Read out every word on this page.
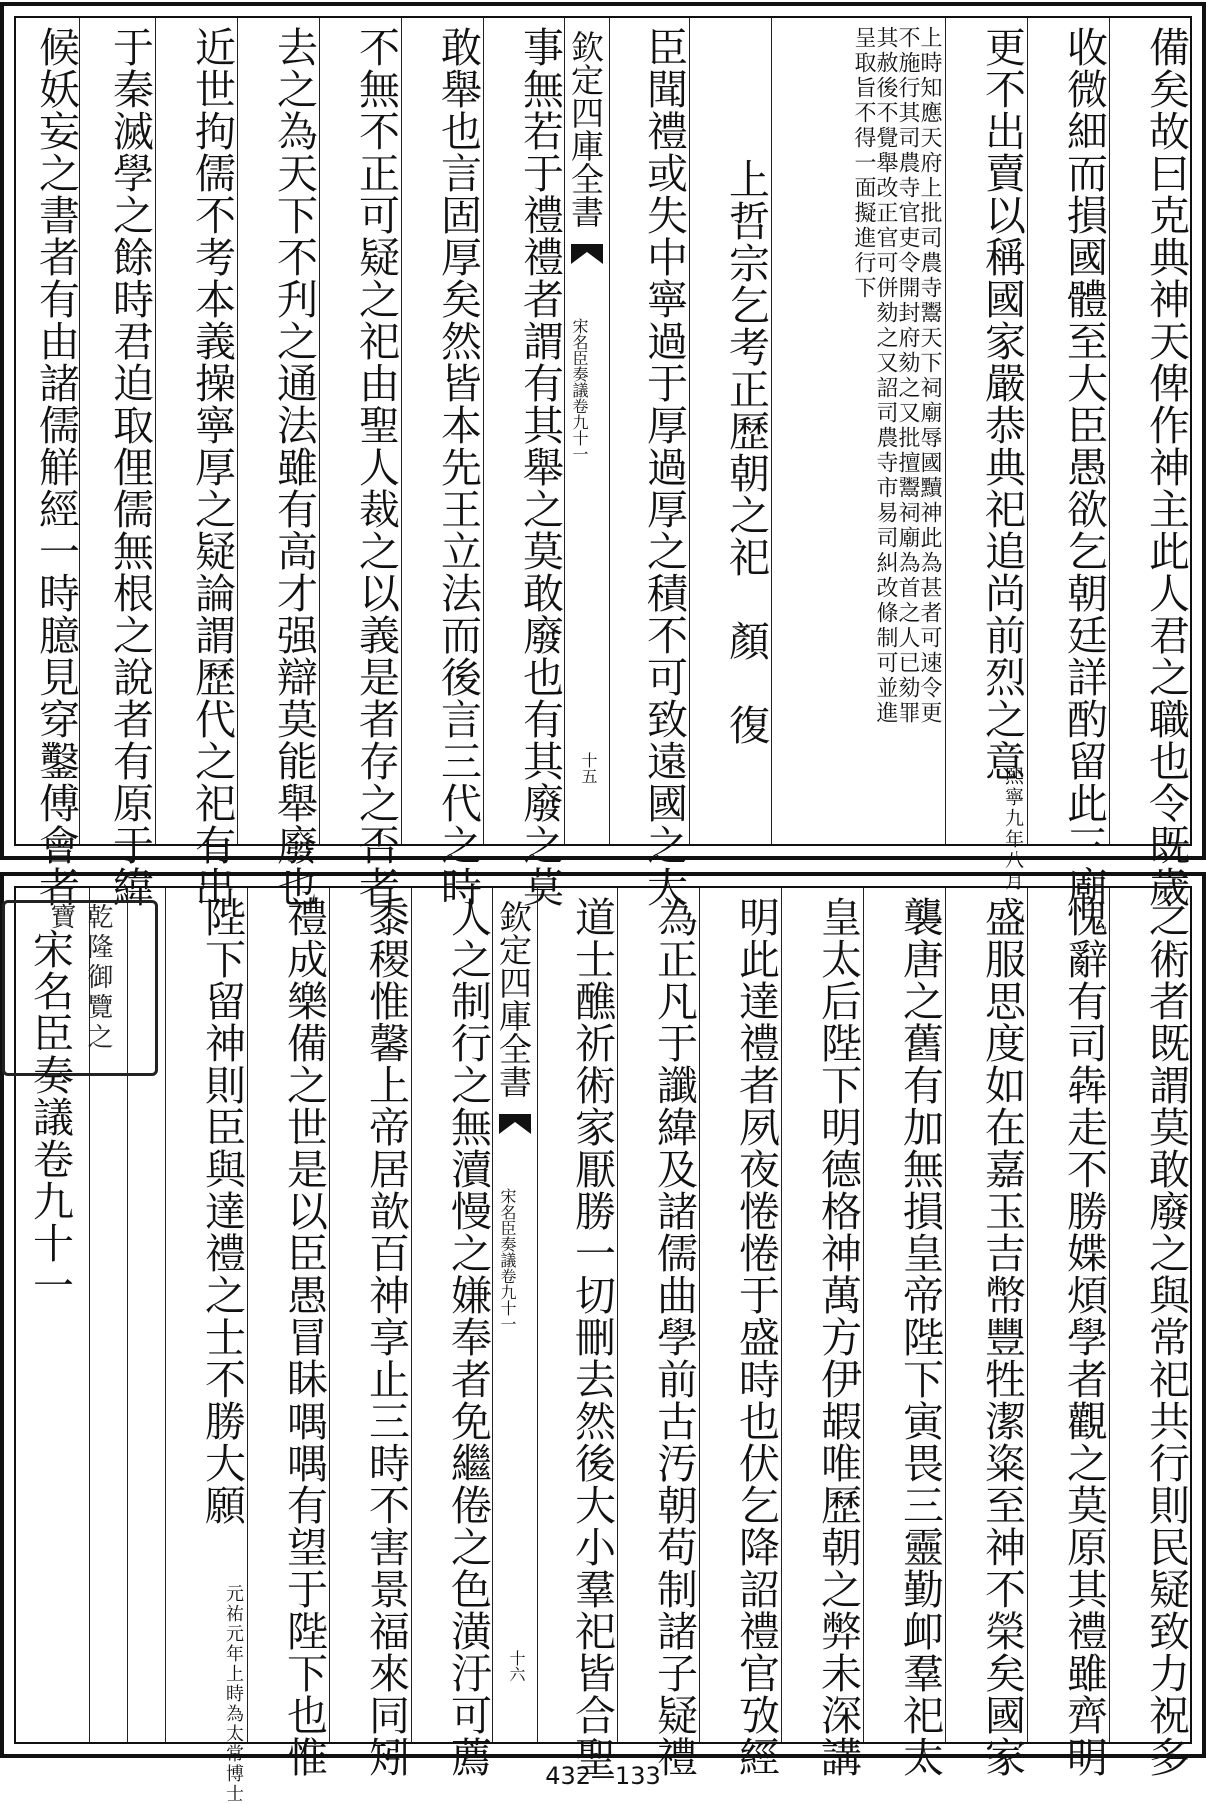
備矣故曰克典神天俾作神主此人君之職也令既歲
收微細而損國體至大臣愚欲乞朝廷詳酌留此三廟
更不出賣以稱國家嚴恭典祀追尚前烈之意
熙寧九年八月
上時知應天府上批司農寺鬻天下祠廟辱國黷神此為甚者可速令更不施行其司農寺官吏令開封府劾之又批擅鬻祠廟為首之人已劾罪其赦後不覺舉改正官可併劾之又詔司農寺市易司糾改條制可並進呈取旨不得一面擬進行下
上哲宗乞考正歷朝之祀　顏　復
臣聞禮或失中寧過于厚過厚之積不可致遠國之大
欽定四庫全書
宋名臣奏議卷九十一
十五
事無若于禮禮者謂有其舉之莫敢廢也有其廢之莫
敢舉也言固厚矣然皆本先王立法而後言三代之時
不無不正可疑之祀由聖人裁之以義是者存之否者
去之為天下不刋之通法雖有高才强辯莫能舉廢也
近世拘儒不考本義操寧厚之疑論謂歷代之祀有出
于秦滅學之餘時君迫取俚儒無根之說者有原于緯
候妖妄之書者有由諸儒觧經一時臆見穿鑿傅會者
之術者既謂莫敢廢之與常祀共行則民疑致力祝多
愧辭有司犇走不勝媟煩學者觀之莫原其禮雖齊明
盛服思度如在嘉玉吉幣豐牲潔粢至神不榮矣國家
襲唐之舊有加無損皇帝陛下寅畏三靈勤卹羣祀太
皇太后陛下明德格神萬方伊嘏唯歷朝之弊未深講
明此達禮者夙夜惓惓于盛時也伏乞降詔禮官攷經
為正凡于讖緯及諸儒曲學前古汚朝苟制諸子疑禮
道士醮祈術家厭勝一切刪去然後大小羣祀皆合聖
欽定四庫全書
宋名臣奏議卷九十一
十六
人之制行之無瀆慢之嫌奉者免繼倦之色潢汙可薦
黍稷惟馨上帝居歆百神享止三時不害景福來同矧
禮成樂備之世是以臣愚冒眛喁喁有望于陛下也惟
陛下留神則臣與達禮之士不勝大願
元祐元年上時為太常博士
乾隆御覽之寶
宋名臣奏議卷九十一
432—133
